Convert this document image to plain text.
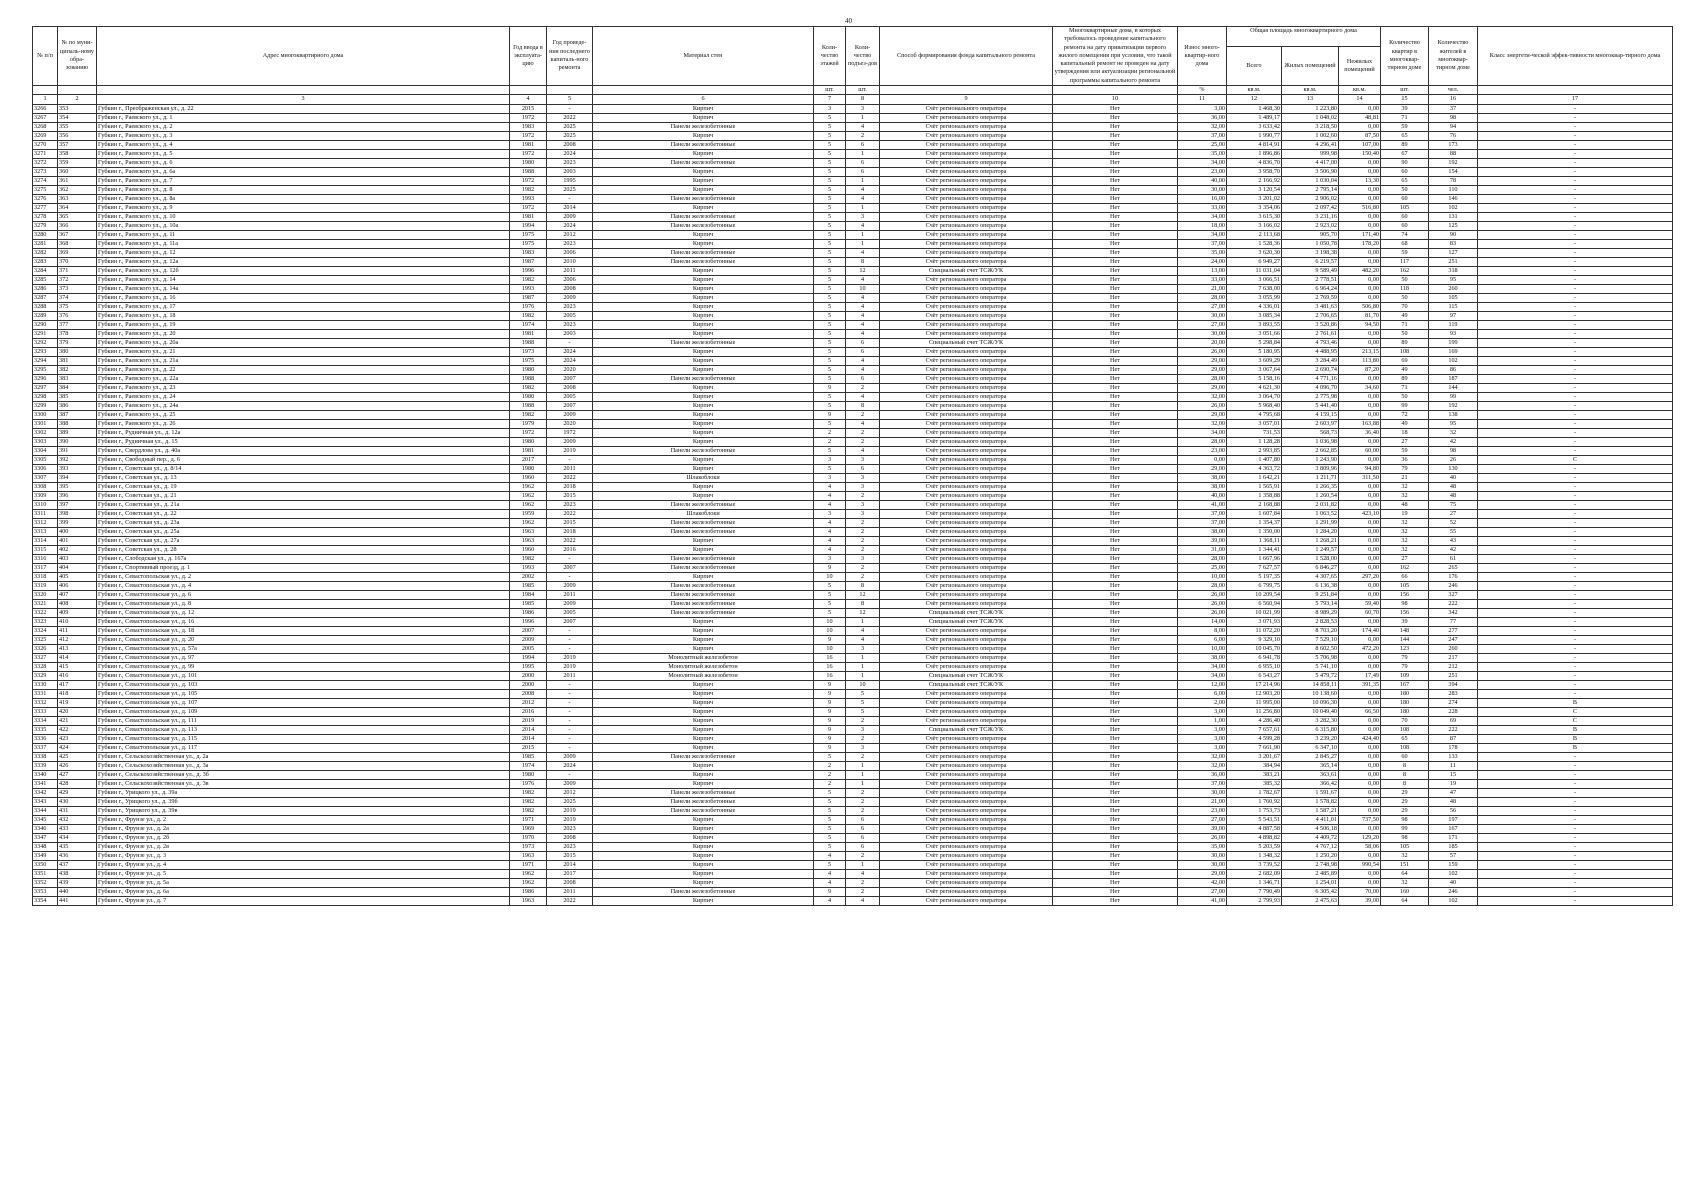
40
№ п/п	№ по муни-ципаль-ному обра-зованию	Адрес многоквартирного дома	Год ввода в эксплуата-цию	Год проведе-ния последнего капиталь-ного ремонта	Материал стен	Коли-чество этажей	Коли-чество подъез-дов	Способ формирования фонда капитального ремонта	Многоквартирные дома, в которых требовалось проведение капитального ремонта на дату приватизации первого жилого помещения при условии, что такой капитальный ремонт не проведен на дату утверждения или актуализации региональной программы капитального ремонта	Износ много-квартир-ного дома	Общая площадь многоквартирного дома			Количество квартир в многоквар-тирном доме	Количество жителей в многоквар-тирном доме	Класс энергети-ческой эффек-тивности многоквар-тирного дома
											Всего	Жилых помещений	Нежилых помещений			
						шт.	шт.			%	кв.м.	кв.м.	кв.м.	шт.	чел.	
1	2	3	4	5	6	7	8	9	10	11	12	13	14	15	16	17
3266	353	Губкин г., Преображенская ул., д. 22	2015	-	Кирпич	3	3	Счёт регионального оператора	Нет	3,00	1 468,30	1 223,80	0,00	39	37	-
3267	354	Губкин г., Раевского ул., д. 1	1972	2022	Кирпич	5	1	Счёт регионального оператора	Нет	36,00	1 489,17	1 048,02	48,81	71	98	-
3268	355	Губкин г., Раевского ул., д. 2	1983	2025	Панели железобетонные	5	4	Счёт регионального оператора	Нет	32,00	3 633,42	3 218,50	0,00	59	94	-
3269	356	Губкин г., Раевского ул., д. 3	1972	2025	Кирпич	5	2	Счёт регионального оператора	Нет	37,00	1 990,77	1 002,60	87,50	65	76	-
3270	357	Губкин г., Раевского ул., д. 4	1981	2008	Панели железобетонные	5	6	Счёт регионального оператора	Нет	25,00	4 814,91	4 296,41	107,00	89	173	-
3271	358	Губкин г., Раевского ул., д. 5	1972	2024	Кирпич	5	1	Счёт регионального оператора	Нет	35,00	1 896,86	999,98	150,40	67	88	-
3272	359	Губкин г., Раевского ул., д. 6	1980	2023	Панели железобетонные	5	6	Счёт регионального оператора	Нет	34,00	4 836,70	4 417,00	0,00	90	192	-
3273	360	Губкин г., Раевского ул., д. 6а	1988	2003	Кирпич	5	6	Счёт регионального оператора	Нет	23,00	3 958,70	3 506,90	0,00	60	154	-
3274	361	Губкин г., Раевского ул., д. 7	1972	1995	Кирпич	5	1	Счёт регионального оператора	Нет	40,00	2 166,92	1 030,04	13,30	65	78	-
3275	362	Губкин г., Раевского ул., д. 8	1982	2025	Кирпич	5	4	Счёт регионального оператора	Нет	30,00	3 120,54	2 795,14	0,00	50	110	-
3276	363	Губкин г., Раевского ул., д. 8а	1993	-	Панели железобетонные	5	4	Счёт регионального оператора	Нет	16,00	3 201,02	2 906,02	0,00	60	146	-
3277	364	Губкин г., Раевского ул., д. 9	1972	2014	Кирпич	5	1	Счёт регионального оператора	Нет	33,00	3 354,06	2 097,42	516,80	105	102	-
3278	365	Губкин г., Раевского ул., д. 10	1981	2009	Панели железобетонные	5	3	Счёт регионального оператора	Нет	34,00	3 615,30	3 231,16	0,00	60	131	-
3279	366	Губкин г., Раевского ул., д. 10а	1994	2024	Панели железобетонные	5	4	Счёт регионального оператора	Нет	18,00	3 166,02	2 923,02	0,00	60	125	-
3280	367	Губкин г., Раевского ул., д. 11	1975	2012	Кирпич	5	1	Счёт регионального оператора	Нет	34,00	2 113,68	905,70	171,40	74	90	-
3281	368	Губкин г., Раевского ул., д. 11а	1975	2023	Кирпич	5	1	Счёт регионального оператора	Нет	37,00	1 528,36	1 050,78	178,20	68	83	-
3282	369	Губкин г., Раевского ул., д. 12	1983	2006	Панели железобетонные	5	4	Счёт регионального оператора	Нет	35,00	3 620,30	3 198,38	0,00	59	127	-
3283	370	Губкин г., Раевского ул., д. 12а	1987	2010	Панели железобетонные	5	8	Счёт регионального оператора	Нет	24,00	6 949,27	6 219,57	0,00	117	251	-
3284	371	Губкин г., Раевского ул., д. 12б	1996	2011	Кирпич	5	12	Специальный счет ТСЖ/УК	Нет	13,00	11 031,04	9 589,49	482,20	162	318	-
3285	372	Губкин г., Раевского ул., д. 14	1982	2006	Кирпич	5	4	Счёт регионального оператора	Нет	33,00	3 066,51	2 778,51	0,00	50	95	-
3286	373	Губкин г., Раевского ул., д. 14а	1993	2008	Кирпич	5	10	Счёт регионального оператора	Нет	21,00	7 638,00	6 964,24	0,00	118	260	-
3287	374	Губкин г., Раевского ул., д. 16	1987	2009	Кирпич	5	4	Счёт регионального оператора	Нет	28,00	3 055,99	2 769,59	0,00	50	105	-
3288	375	Губкин г., Раевского ул., д. 17	1976	2023	Кирпич	5	4	Счёт регионального оператора	Нет	27,00	4 336,01	3 481,63	506,80	70	115	-
3289	376	Губкин г., Раевского ул., д. 18	1982	2005	Кирпич	5	4	Счёт регионального оператора	Нет	30,00	3 085,34	2 706,65	81,70	49	97	-
3290	377	Губкин г., Раевского ул., д. 19	1974	2023	Кирпич	5	4	Счёт регионального оператора	Нет	27,00	3 893,55	3 520,86	94,50	71	119	-
3291	378	Губкин г., Раевского ул., д. 20	1981	2003	Кирпич	5	4	Счёт регионального оператора	Нет	30,00	3 051,66	2 761,61	0,00	50	93	-
3292	379	Губкин г., Раевского ул., д. 20а	1988	-	Панели железобетонные	5	6	Специальный счет ТСЖ/УК	Нет	20,00	5 298,84	4 793,46	0,00	89	199	-
3293	380	Губкин г., Раевского ул., д. 21	1973	2024	Кирпич	5	6	Счёт регионального оператора	Нет	26,00	5 180,95	4 488,95	213,15	108	169	-
3294	381	Губкин г., Раевского ул., д. 21а	1975	2024	Кирпич	5	4	Счёт регионального оператора	Нет	29,00	3 609,29	3 284,49	113,80	69	102	-
3295	382	Губкин г., Раевского ул., д. 22	1980	2020	Кирпич	5	4	Счёт регионального оператора	Нет	29,00	3 067,64	2 690,74	87,20	49	86	-
3296	383	Губкин г., Раевского ул., д. 22а	1988	2007	Панели железобетонные	5	6	Счёт регионального оператора	Нет	28,00	5 158,16	4 771,16	0,00	89	187	-
3297	384	Губкин г., Раевского ул., д. 23	1982	2008	Кирпич	9	2	Счёт регионального оператора	Нет	29,00	4 621,30	4 096,70	34,60	71	144	-
3298	385	Губкин г., Раевского ул., д. 24	1980	2005	Кирпич	5	4	Счёт регионального оператора	Нет	32,00	3 064,70	2 775,98	0,00	50	99	-
3299	386	Губкин г., Раевского ул., д. 24а	1988	2007	Кирпич	5	8	Счёт регионального оператора	Нет	26,00	5 968,40	5 441,40	0,00	99	192	-
3300	387	Губкин г., Раевского ул., д. 25	1982	2009	Кирпич	9	2	Счёт регионального оператора	Нет	29,00	4 795,68	4 159,15	0,00	72	138	-
3301	388	Губкин г., Раевского ул., д. 26	1979	2020	Кирпич	5	4	Счёт регионального оператора	Нет	32,00	3 057,01	2 603,97	163,88	49	95	-
3302	389	Губкин г., Рудничная ул., д. 12а	1972	1972	Кирпич	2	2	Счёт регионального оператора	Нет	34,00	731,53	568,73	36,40	18	32	-
3303	390	Губкин г., Рудничная ул., д. 15	1980	2009	Кирпич	2	2	Счёт регионального оператора	Нет	28,00	1 128,28	1 036,98	0,00	27	42	-
3304	391	Губкин г., Свердлова ул., д. 40а	1981	2019	Панели железобетонные	5	4	Счёт регионального оператора	Нет	23,00	2 993,85	2 662,85	60,00	59	98	-
3305	392	Губкин г., Свободный пер., д. 6	2017	-	Кирпич	3	3	Счёт регионального оператора	Нет	0,00	1 407,80	1 243,90	0,00	36	26	C
3306	393	Губкин г., Советская ул., д. 8/14	1980	2011	Кирпич	5	6	Счёт регионального оператора	Нет	29,00	4 363,72	3 809,96	94,80	79	130	-
3307	394	Губкин г., Советская ул., д. 13	1960	2022	Шлакоблоки	3	3	Счёт регионального оператора	Нет	38,00	1 642,21	1 211,71	311,50	21	40	-
3308	395	Губкин г., Советская ул., д. 19	1962	2018	Кирпич	4	3	Счёт регионального оператора	Нет	38,00	1 565,91	1 266,35	0,00	32	48	-
3309	396	Губкин г., Советская ул., д. 21	1962	2015	Кирпич	4	2	Счёт регионального оператора	Нет	40,00	1 358,88	1 260,54	0,00	32	48	-
3310	397	Губкин г., Советская ул., д. 21а	1962	2023	Панели железобетонные	4	3	Счёт регионального оператора	Нет	41,00	2 168,88	2 031,82	0,00	48	75	-
3311	398	Губкин г., Советская ул., д. 22	1959	2022	Шлакоблоки	3	3	Счёт регионального оператора	Нет	37,00	1 607,84	1 063,52	423,10	19	27	-
3312	399	Губкин г., Советская ул., д. 23а	1962	2015	Панели железобетонные	4	2	Счёт регионального оператора	Нет	37,00	1 354,37	1 291,99	0,00	32	52	-
3313	400	Губкин г., Советская ул., д. 25а	1963	2018	Панели железобетонные	4	2	Счёт регионального оператора	Нет	38,00	1 350,00	1 284,20	0,00	32	55	-
3314	401	Губкин г., Советская ул., д. 27а	1963	2022	Кирпич	4	2	Счёт регионального оператора	Нет	39,00	1 368,11	1 268,21	0,00	32	43	-
3315	402	Губкин г., Советская ул., д. 28	1960	2016	Кирпич	4	2	Счёт регионального оператора	Нет	31,00	1 344,41	1 249,57	0,00	32	42	-
3316	403	Губкин г., Слободская ул., д. 167а	1982	-	Панели железобетонные	3	3	Счёт регионального оператора	Нет	28,00	1 667,96	1 528,00	0,00	27	61	-
3317	404	Губкин г., Спортивный проезд, д. 1	1993	2007	Панели железобетонные	9	2	Счёт регионального оператора	Нет	25,00	7 627,57	6 846,27	0,00	162	265	-
3318	405	Губкин г., Севастопольская ул., д. 2	2002	-	Кирпич	10	2	Счёт регионального оператора	Нет	10,00	5 197,35	4 307,65	297,20	66	176	-
3319	406	Губкин г., Севастопольская ул., д. 4	1985	2009	Панели железобетонные	5	8	Счёт регионального оператора	Нет	28,00	6 799,75	6 136,38	0,00	105	246	-
3320	407	Губкин г., Севастопольская ул., д. 6	1984	2011	Панели железобетонные	5	12	Счёт регионального оператора	Нет	26,00	10 209,54	9 251,84	0,00	156	327	-
3321	408	Губкин г., Севастопольская ул., д. 8	1985	2009	Панели железобетонные	5	8	Счёт регионального оператора	Нет	26,00	6 560,94	5 793,14	59,40	98	222	-
3322	409	Губкин г., Севастопольская ул., д. 12	1986	2005	Панели железобетонные	5	12	Специальный счет ТСЖ/УК	Нет	26,00	10 021,99	8 989,29	60,70	156	342	-
3323	410	Губкин г., Севастопольская ул., д. 16	1996	2007	Кирпич	10	1	Специальный счет ТСЖ/УК	Нет	14,00	3 071,93	2 828,53	0,00	39	77	-
3324	411	Губкин г., Севастопольская ул., д. 18	2007	-	Кирпич	10	4	Счёт регионального оператора	Нет	8,00	11 072,20	8 703,20	174,40	148	277	-
3325	412	Губкин г., Севастопольская ул., д. 20	2009	-	Кирпич	9	4	Счёт регионального оператора	Нет	6,00	9 329,10	7 529,10	0,00	144	247	-
3326	413	Губкин г., Севастопольская ул., д. 57а	2005	-	Кирпич	10	3	Счёт регионального оператора	Нет	10,00	10 045,70	8 602,50	472,20	123	260	-
3327	414	Губкин г., Севастопольская ул., д. 97	1994	2019	Монолитный железобетон	16	1	Счёт регионального оператора	Нет	38,00	6 941,78	5 706,98	0,00	79	217	-
3328	415	Губкин г., Севастопольская ул., д. 99	1995	2019	Монолитный железобетон	16	1	Счёт регионального оператора	Нет	34,00	6 955,10	5 741,10	0,00	79	212	-
3329	416	Губкин г., Севастопольская ул., д. 101	2000	2011	Монолитный железобетон	16	1	Специальный счет ТСЖ/УК	Нет	34,00	6 543,27	5 479,72	17,49	109	251	-
3330	417	Губкин г., Севастопольская ул., д. 103	2000	-	Кирпич	9	10	Специальный счет ТСЖ/УК	Нет	12,00	17 214,96	14 858,11	391,35	167	394	-
3331	418	Губкин г., Севастопольская ул., д. 105	2008	-	Кирпич	9	5	Счёт регионального оператора	Нет	6,00	12 903,20	10 138,60	0,00	180	283	-
3332	419	Губкин г., Севастопольская ул., д. 107	2012	-	Кирпич	9	5	Счёт регионального оператора	Нет	2,00	11 995,00	10 096,30	0,00	180	274	B
3333	420	Губкин г., Севастопольская ул., д. 109	2016	-	Кирпич	9	5	Счёт регионального оператора	Нет	3,00	11 256,80	10 049,40	66,50	180	228	C
3334	421	Губкин г., Севастопольская ул., д. 111	2019	-	Кирпич	9	2	Счёт регионального оператора	Нет	1,00	4 286,40	3 282,30	0,00	70	69	C
3335	422	Губкин г., Севастопольская ул., д. 113	2014	-	Кирпич	9	3	Специальный счет ТСЖ/УК	Нет	3,00	7 657,61	6 315,80	0,00	108	222	B
3336	423	Губкин г., Севастопольская ул., д. 115	2014	-	Кирпич	9	2	Счёт регионального оператора	Нет	3,00	4 599,28	3 239,20	424,40	65	87	B
3337	424	Губкин г., Севастопольская ул., д. 117	2015	-	Кирпич	9	3	Счёт регионального оператора	Нет	3,00	7 661,90	6 347,10	0,00	108	178	B
3338	425	Губкин г., Сельскохозяйственная ул., д. 2а	1985	2009	Панели железобетонные	5	2	Счёт регионального оператора	Нет	32,00	3 201,67	2 845,27	0,00	60	133	-
3339	426	Губкин г., Сельскохозяйственная ул., д. 3а	1974	2024	Кирпич	2	1	Счёт регионального оператора	Нет	32,00	384,94	365,14	0,00	8	11	-
3340	427	Губкин г., Сельскохозяйственная ул., д. 3б	1980	-	Кирпич	2	1	Счёт регионального оператора	Нет	36,00	383,21	363,61	0,00	8	15	-
3341	428	Губкин г., Сельскохозяйственная ул., д. 3в	1976	2009	Кирпич	2	1	Счёт регионального оператора	Нет	37,00	385,32	366,42	0,00	8	19	-
3342	429	Губкин г., Урицкого ул., д. 39а	1982	2012	Панели железобетонные	5	2	Счёт регионального оператора	Нет	30,00	1 782,67	1 591,67	0,00	29	47	-
3343	430	Губкин г., Урицкого ул., д. 39б	1982	2025	Панели железобетонные	5	2	Счёт регионального оператора	Нет	21,00	1 760,92	1 578,82	0,00	29	48	-
3344	431	Губкин г., Урицкого ул., д. 39в	1982	2019	Панели железобетонные	5	2	Счёт регионального оператора	Нет	23,00	1 753,73	1 587,21	0,00	29	56	-
3345	432	Губкин г., Фрунзе ул., д. 2	1971	2019	Кирпич	5	6	Счёт регионального оператора	Нет	27,00	5 543,51	4 411,01	737,50	98	197	-
3346	433	Губкин г., Фрунзе ул., д. 2а	1969	2023	Кирпич	5	6	Счёт регионального оператора	Нет	39,00	4 887,58	4 506,18	0,00	99	167	-
3347	434	Губкин г., Фрунзе ул., д. 2б	1970	2008	Кирпич	5	6	Счёт регионального оператора	Нет	26,00	4 898,82	4 409,72	129,20	98	171	-
3348	435	Губкин г., Фрунзе ул., д. 2в	1973	2023	Кирпич	5	6	Счёт регионального оператора	Нет	35,00	5 203,59	4 767,12	58,06	105	185	-
3349	436	Губкин г., Фрунзе ул., д. 3	1963	2015	Кирпич	4	2	Счёт регионального оператора	Нет	30,00	1 348,32	1 250,20	0,00	32	57	-
3350	437	Губкин г., Фрунзе ул., д. 4	1971	2014	Кирпич	5	1	Счёт регионального оператора	Нет	30,00	3 739,52	2 748,98	990,54	151	159	-
3351	438	Губкин г., Фрунзе ул., д. 5	1962	2017	Кирпич	4	4	Счёт регионального оператора	Нет	29,00	2 682,09	2 485,89	0,00	64	102	-
3352	439	Губкин г., Фрунзе ул., д. 5а	1962	2008	Кирпич	4	2	Счёт регионального оператора	Нет	42,00	1 346,71	1 254,01	0,00	32	40	-
3353	440	Губкин г., Фрунзе ул., д. 6а	1986	2011	Панели железобетонные	9	2	Счёт регионального оператора	Нет	27,00	7 790,49	6 305,42	70,00	160	246	-
3354	441	Губкин г., Фрунзе ул., д. 7	1963	2022	Кирпич	4	4	Счёт регионального оператора	Нет	41,00	2 799,93	2 475,63	39,00	64	102	-
